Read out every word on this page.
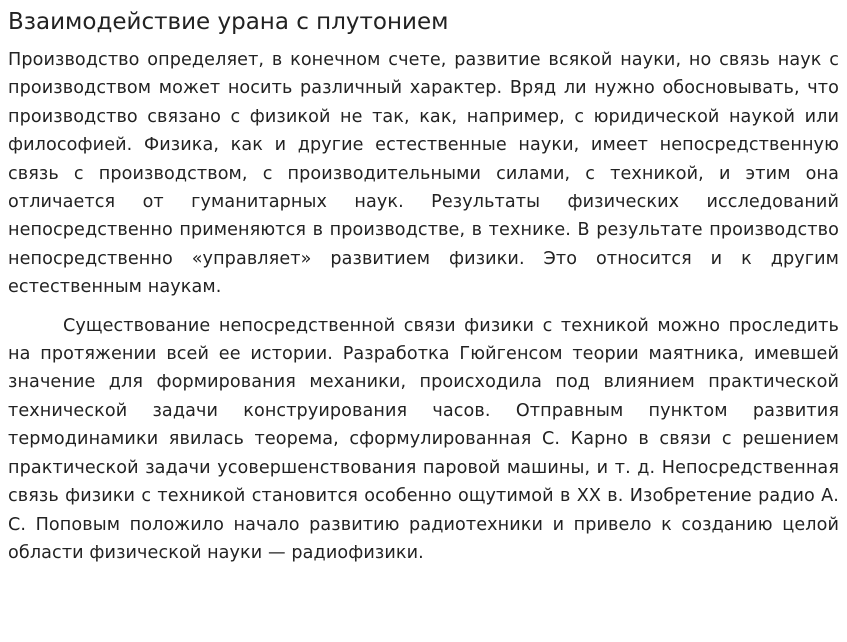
Взаимодействие урана с плутонием

Производство определяет, в конечном счете, развитие всякой науки, но связь наук с производством может носить различный характер. Вряд ли нужно обосновывать, что производство связано с физикой не так, как, например, с юридической наукой или философией. Физика, как и другие естественные науки, имеет непосредственную связь с производством, с производительными силами, с техникой, и этим она отличается от гуманитарных наук. Результаты физических исследований непосредственно применяются в производстве, в технике. В результате производство непосредственно «управляет» развитием физики. Это относится и к другим естественным наукам.

Существование непосредственной связи физики с техникой можно проследить на протяжении всей ее истории. Разработка Гюйгенсом теории маятника, имевшей значение для формирования механики, происходила под влиянием практической технической задачи конструирования часов. Отправным пунктом развития термодинамики явилась теорема, сформулированная С. Карно в связи с решением практической задачи усовершенствования паровой машины, и т. д. Непосредственная связь физики с техникой становится особенно ощутимой в XX в. Изобретение радио А. С. Поповым положило начало развитию радиотехники и привело к созданию целой области физической науки — радиофизики.
